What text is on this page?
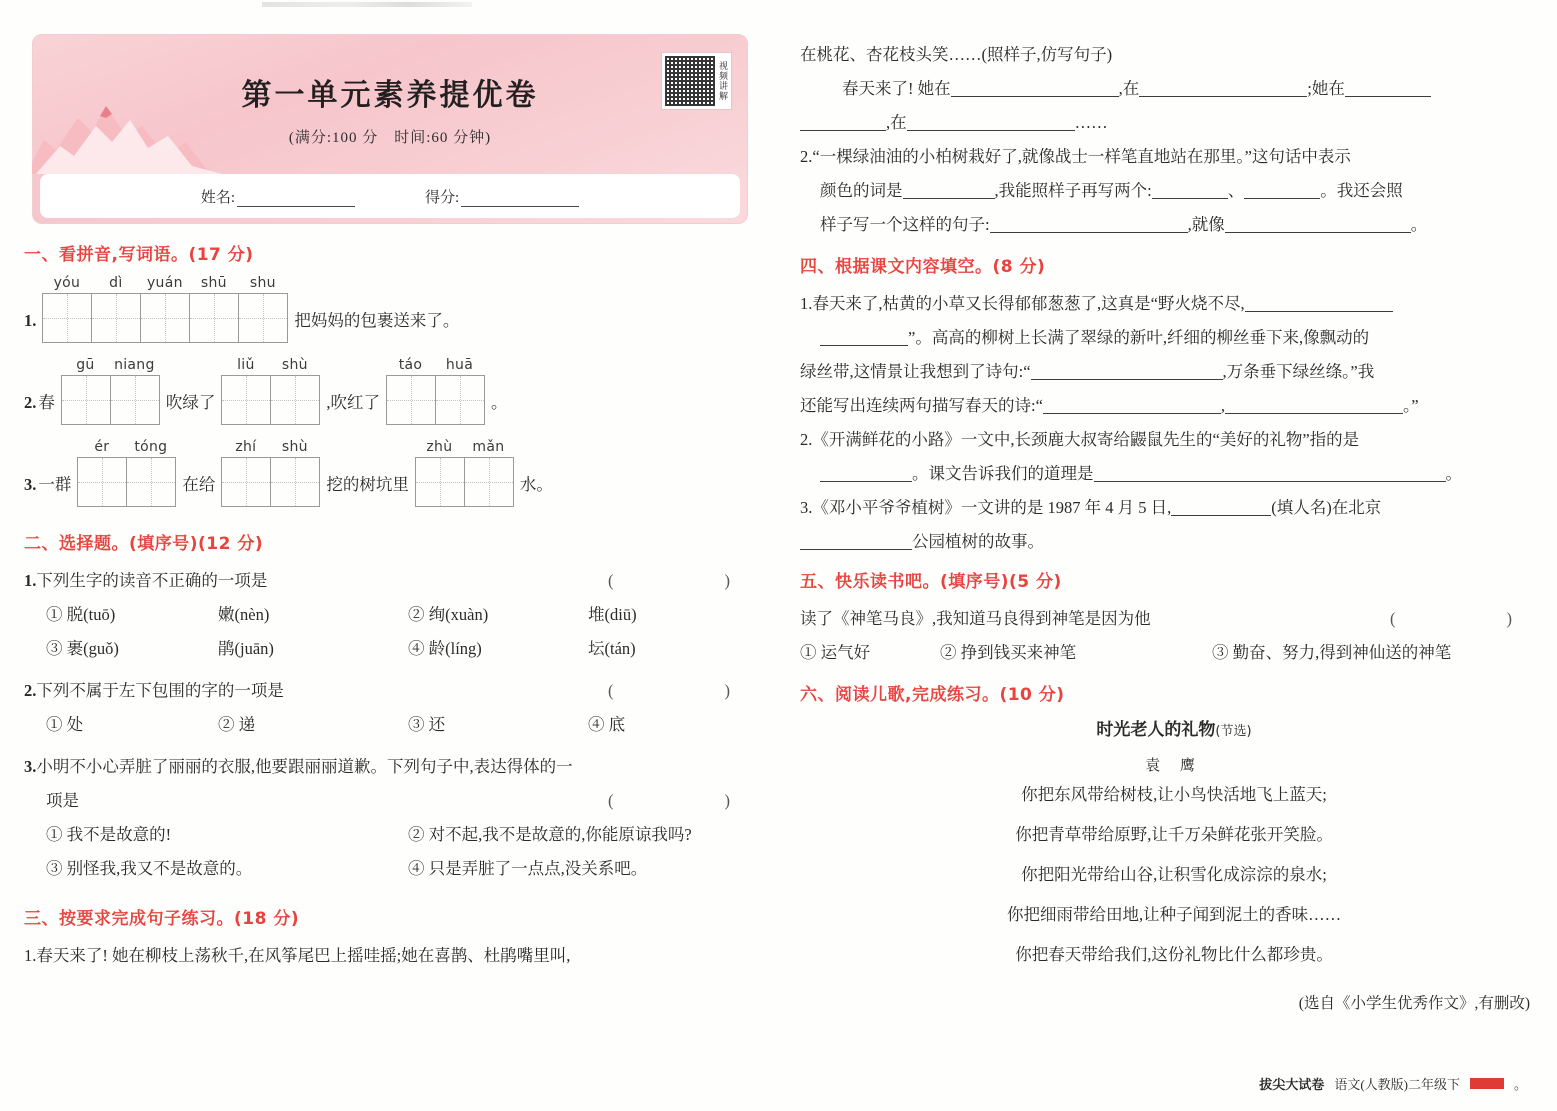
第一单元素养提优卷
(满分:100 分　时间:60 分钟)
视频讲解
姓名:	得分:
一、看拼音,写词语。(17 分)
1.
yóu	dì	yuán	shū	shu
把妈妈的包裹送来了。
2. 春
gū	niang
吹绿了
liǔ	shù
,吹红了
táo	huā
。
3. 一群
ér	tóng
在给
zhí	shù
挖的树坑里
zhù	mǎn
水。
二、选择题。(填序号)(12 分)
1.下列生字的读音不正确的一项是	(　　)
① 脱(tuō)	嫩(nèn)	② 绚(xuàn)	堆(diū)
③ 裹(guǒ)	鹃(juān)	④ 龄(líng)	坛(tán)
2.下列不属于左下包围的字的一项是	(　　)
① 处	② 递	③ 还	④ 底
3.小明不小心弄脏了丽丽的衣服,他要跟丽丽道歉。下列句子中,表达得体的一
项是	(　　)
① 我不是故意的!	② 对不起,我不是故意的,你能原谅我吗?
③ 别怪我,我又不是故意的。	④ 只是弄脏了一点点,没关系吧。
三、按要求完成句子练习。(18 分)
1.春天来了! 她在柳枝上荡秋千,在风筝尾巴上摇哇摇;她在喜鹊、杜鹃嘴里叫,
在桃花、杏花枝头笑……(照样子,仿写句子)
春天来了! 她在	,在	;她在
,在	……
2.“一棵绿油油的小柏树栽好了,就像战士一样笔直地站在那里。”这句话中表示
颜色的词是	,我能照样子再写两个:	、	。我还会照
样子写一个这样的句子:	,就像	。
四、根据课文内容填空。(8 分)
1.春天来了,枯黄的小草又长得郁郁葱葱了,这真是“野火烧不尽,
”。高高的柳树上长满了翠绿的新叶,纤细的柳丝垂下来,像飘动的
绿丝带,这情景让我想到了诗句:“	,万条垂下绿丝绦。”我
还能写出连续两句描写春天的诗:“	,	。”
2.《开满鲜花的小路》一文中,长颈鹿大叔寄给鼹鼠先生的“美好的礼物”指的是
。课文告诉我们的道理是	。
3.《邓小平爷爷植树》一文讲的是 1987 年 4 月 5 日,	(填人名)在北京
公园植树的故事。
五、快乐读书吧。(填序号)(5 分)
读了《神笔马良》,我知道马良得到神笔是因为他	(　　)
① 运气好	② 挣到钱买来神笔	③ 勤奋、努力,得到神仙送的神笔
六、阅读儿歌,完成练习。(10 分)
时光老人的礼物(节选)
袁 鹰
你把东风带给树枝,让小鸟快活地飞上蓝天;
你把青草带给原野,让千万朵鲜花张开笑脸。
你把阳光带给山谷,让积雪化成淙淙的泉水;
你把细雨带给田地,让种子闻到泥土的香味……
你把春天带给我们,这份礼物比什么都珍贵。
(选自《小学生优秀作文》,有删改)
拔尖大试卷 语文(人教版)二年级下	。
